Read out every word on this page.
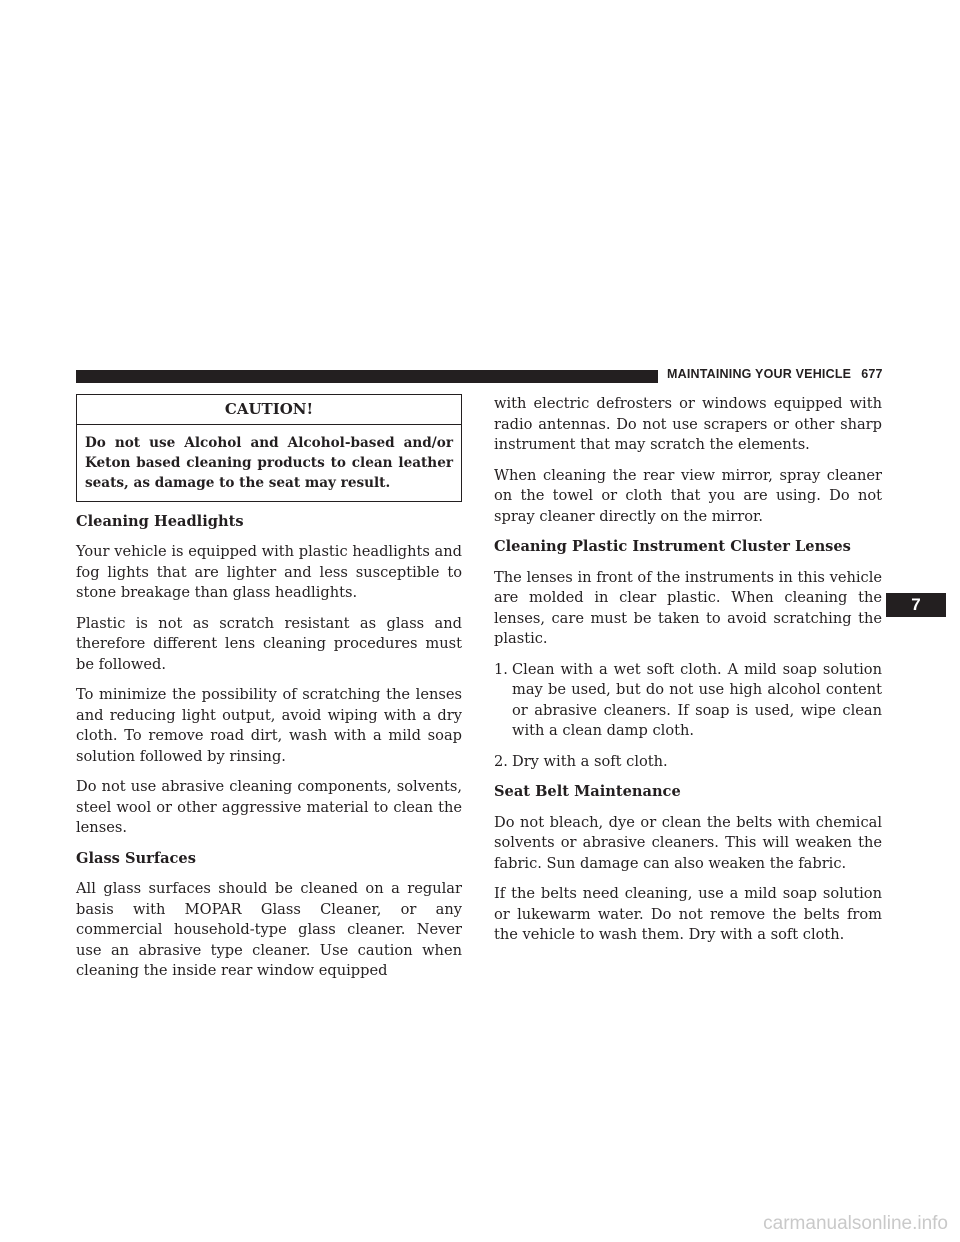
MAINTAINING YOUR VEHICLE 677
CAUTION!
Do not use Alcohol and Alcohol-based and/or Keton based cleaning products to clean leather seats, as damage to the seat may result.
Cleaning Headlights

Your vehicle is equipped with plastic headlights and fog lights that are lighter and less susceptible to stone breakage than glass headlights.

Plastic is not as scratch resistant as glass and therefore different lens cleaning procedures must be followed.

To minimize the possibility of scratching the lenses and reducing light output, avoid wiping with a dry cloth. To remove road dirt, wash with a mild soap solution followed by rinsing.

Do not use abrasive cleaning components, solvents, steel wool or other aggressive material to clean the lenses.

Glass Surfaces

All glass surfaces should be cleaned on a regular basis with MOPAR Glass Cleaner, or any commercial household-type glass cleaner. Never use an abrasive type cleaner. Use caution when cleaning the inside rear window equipped

with electric defrosters or windows equipped with radio antennas. Do not use scrapers or other sharp instrument that may scratch the elements.

When cleaning the rear view mirror, spray cleaner on the towel or cloth that you are using. Do not spray cleaner directly on the mirror.

Cleaning Plastic Instrument Cluster Lenses

The lenses in front of the instruments in this vehicle are molded in clear plastic. When cleaning the lenses, care must be taken to avoid scratching the plastic.

1. Clean with a wet soft cloth. A mild soap solution may be used, but do not use high alcohol content or abrasive cleaners. If soap is used, wipe clean with a clean damp cloth.
2. Dry with a soft cloth.
Seat Belt Maintenance

Do not bleach, dye or clean the belts with chemical solvents or abrasive cleaners. This will weaken the fabric. Sun damage can also weaken the fabric.

If the belts need cleaning, use a mild soap solution or lukewarm water. Do not remove the belts from the vehicle to wash them. Dry with a soft cloth.

7
carmanualsonline.info
